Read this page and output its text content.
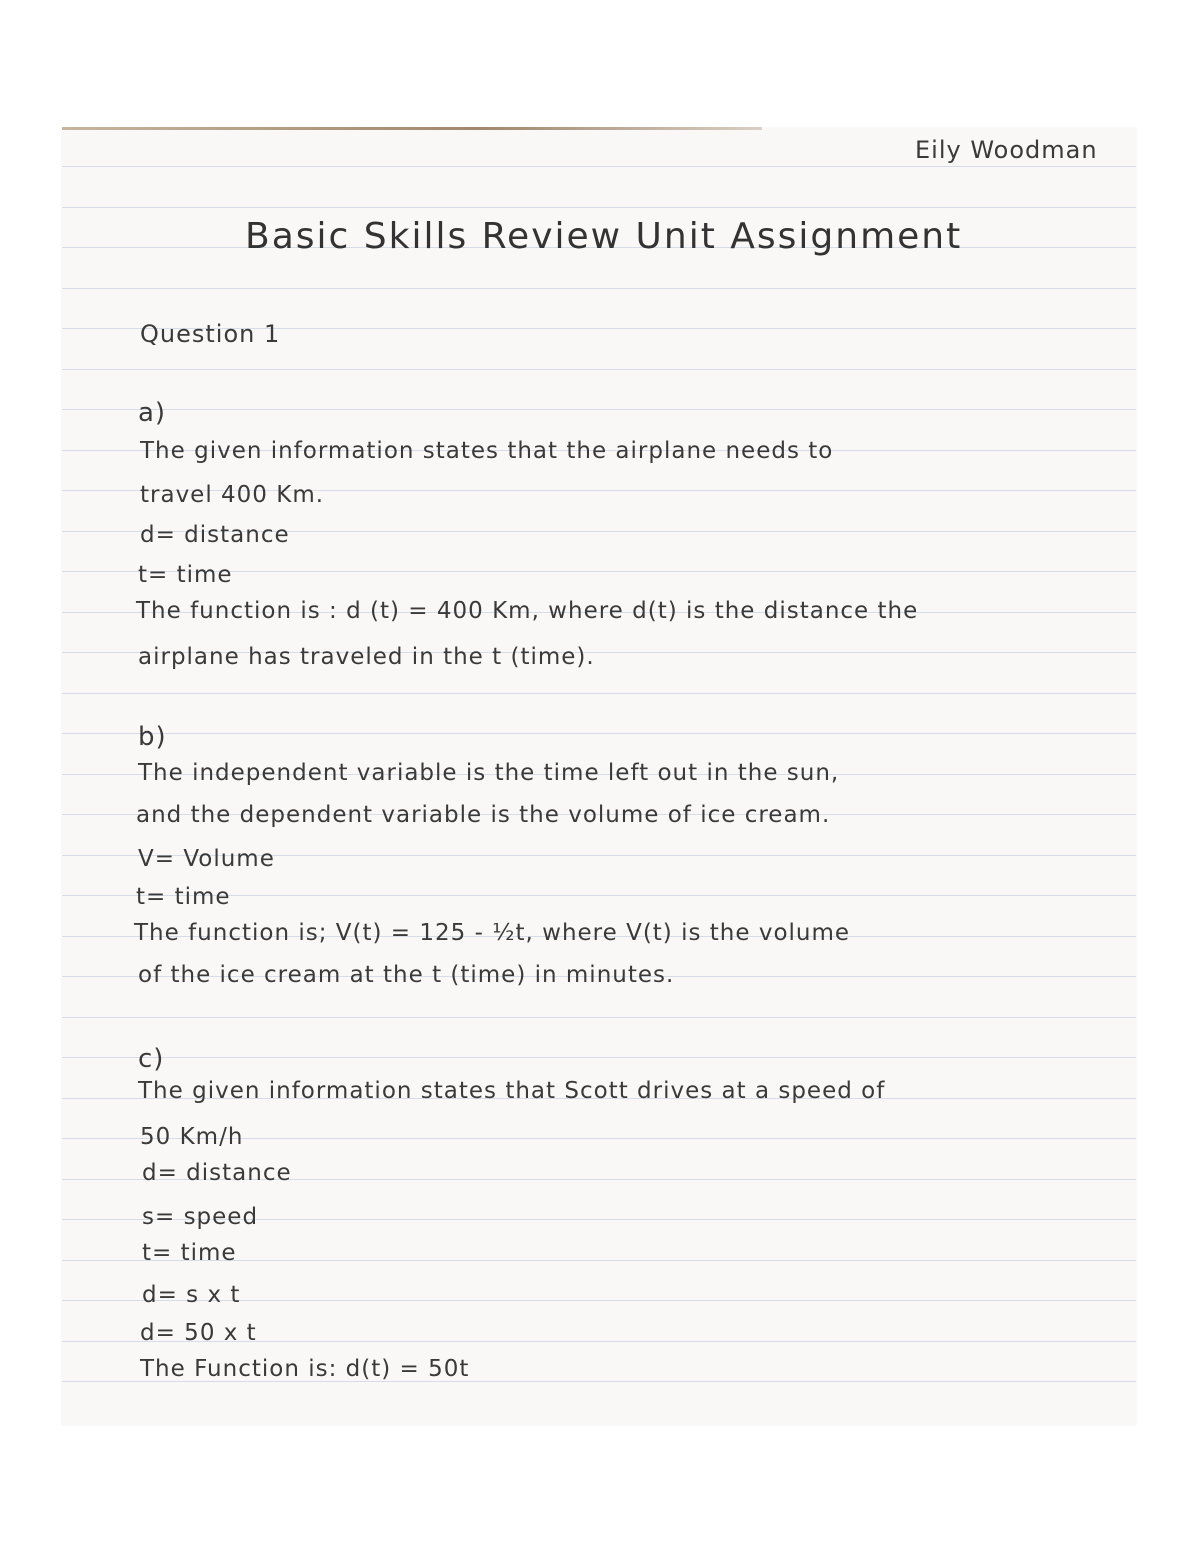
Eily Woodman
Basic Skills Review Unit Assignment
Question 1
a)
The given information states that the airplane needs to
travel 400 Km.
d= distance
t= time
The function is : d (t) = 400 Km, where d(t) is the distance the
airplane has traveled in the t (time).
b)
The independent variable is the time left out in the sun,
and the dependent variable is the volume of ice cream.
V= Volume
t= time
The function is; V(t) = 125 - ½t, where V(t) is the volume
of the ice cream at the t (time) in minutes.
c)
The given information states that Scott drives at a speed of
50 Km/h
d= distance
s= speed
t= time
d= s x t
d= 50 x t
The Function is: d(t) = 50t
